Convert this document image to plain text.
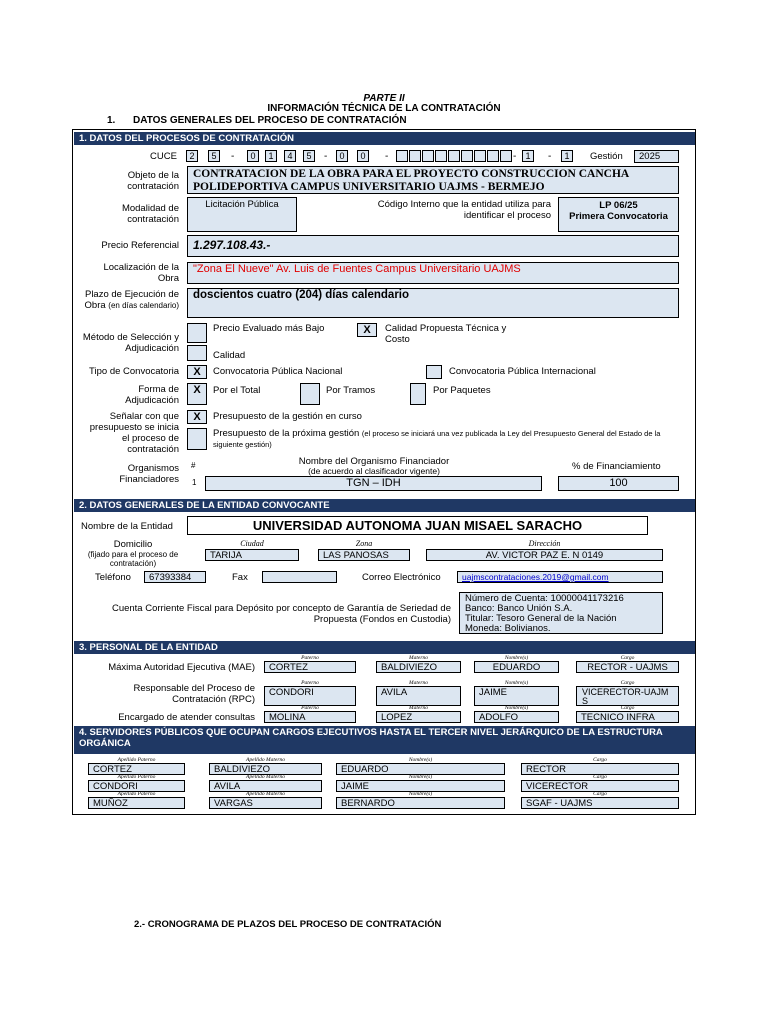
PARTE II
INFORMACIÓN TÉCNICA DE LA CONTRATACIÓN
1. DATOS GENERALES DEL PROCESO DE CONTRATACIÓN
1. DATOS DEL PROCESOS DE CONTRATACIÓN
CUCE	2	5	-	0	1	4	5	-	0	0	-	-	1	-	1	Gestión	2025
Objeto de la contratación
CONTRATACION DE LA OBRA PARA EL PROYECTO CONSTRUCCION CANCHA POLIDEPORTIVA CAMPUS UNIVERSITARIO UAJMS - BERMEJO
Modalidad de contratación
Licitación Pública	Código Interno que la entidad utiliza para identificar el proceso
LP 06/25
Primera Convocatoria
Precio Referencial	1.297.108.43.-
Localización de la Obra
"Zona El Nueve" Av. Luis de Fuentes Campus Universitario UAJMS
Plazo de Ejecución de Obra (en días calendario)
doscientos cuatro (204) días calendario
Método de Selección y Adjudicación
Precio Evaluado más Bajo	X	Calidad Propuesta Técnica y Costo
Calidad
Tipo de Convocatoria	X	Convocatoria Pública Nacional	Convocatoria Pública Internacional
Forma de Adjudicación
X	Por el Total	Por Tramos	Por Paquetes
Señalar con que presupuesto se inicia el proceso de contratación
X	Presupuesto de la gestión en curso
Presupuesto de la próxima gestión (el proceso se iniciará una vez publicada la Ley del Presupuesto General del Estado de la siguiente gestión)
Organismos Financiadores
#	Nombre del Organismo Financiador
(de acuerdo al clasificador vigente)	% de Financiamiento
1	TGN – IDH	100
2. DATOS GENERALES DE LA ENTIDAD CONVOCANTE
Nombre de la Entidad	UNIVERSIDAD AUTONOMA JUAN MISAEL SARACHO
Domicilio
(fijado para el proceso de contratación)
Ciudad	Zona	Dirección
TARIJA	LAS PANOSAS	AV. VICTOR PAZ E. N 0149
Teléfono	67393384	Fax	Correo Electrónico	uajmscontrataciones.2019@gmail.com
Cuenta Corriente Fiscal para Depósito por concepto de Garantía de Seriedad de Propuesta (Fondos en Custodia)
Número de Cuenta: 10000041173216
Banco: Banco Unión S.A.
Titular: Tesoro General de la Nación
Moneda: Bolivianos.
3. PERSONAL DE LA ENTIDAD
Paterno	Materno	Nombre(s)	Cargo
Máxima Autoridad Ejecutiva (MAE)	CORTEZ	BALDIVIEZO	EDUARDO	RECTOR - UAJMS
Paterno	Materno	Nombre(s)	Cargo
Responsable del Proceso de Contratación (RPC)
CONDORI	AVILA	JAIME	VICERECTOR-UAJMS
Paterno	Materno	Nombre(s)	Cargo
Encargado de atender consultas	MOLINA	LOPEZ	ADOLFO	TECNICO INFRA
4. SERVIDORES PÚBLICOS QUE OCUPAN CARGOS EJECUTIVOS HASTA EL TERCER NIVEL JERÁRQUICO DE LA ESTRUCTURA ORGÁNICA
Apellido Paterno	Apellido Materno	Nombre(s)	Cargo
CORTEZ	BALDIVIEZO	EDUARDO	RECTOR
Apellido Paterno	Apellido Materno	Nombre(s)	Cargo
CONDORI	AVILA	JAIME	VICERECTOR
Apellido Paterno	Apellido Materno	Nombre(s)	Cargo
MUÑOZ	VARGAS	BERNARDO	SGAF - UAJMS
2.- CRONOGRAMA DE PLAZOS DEL PROCESO DE CONTRATACIÓN
